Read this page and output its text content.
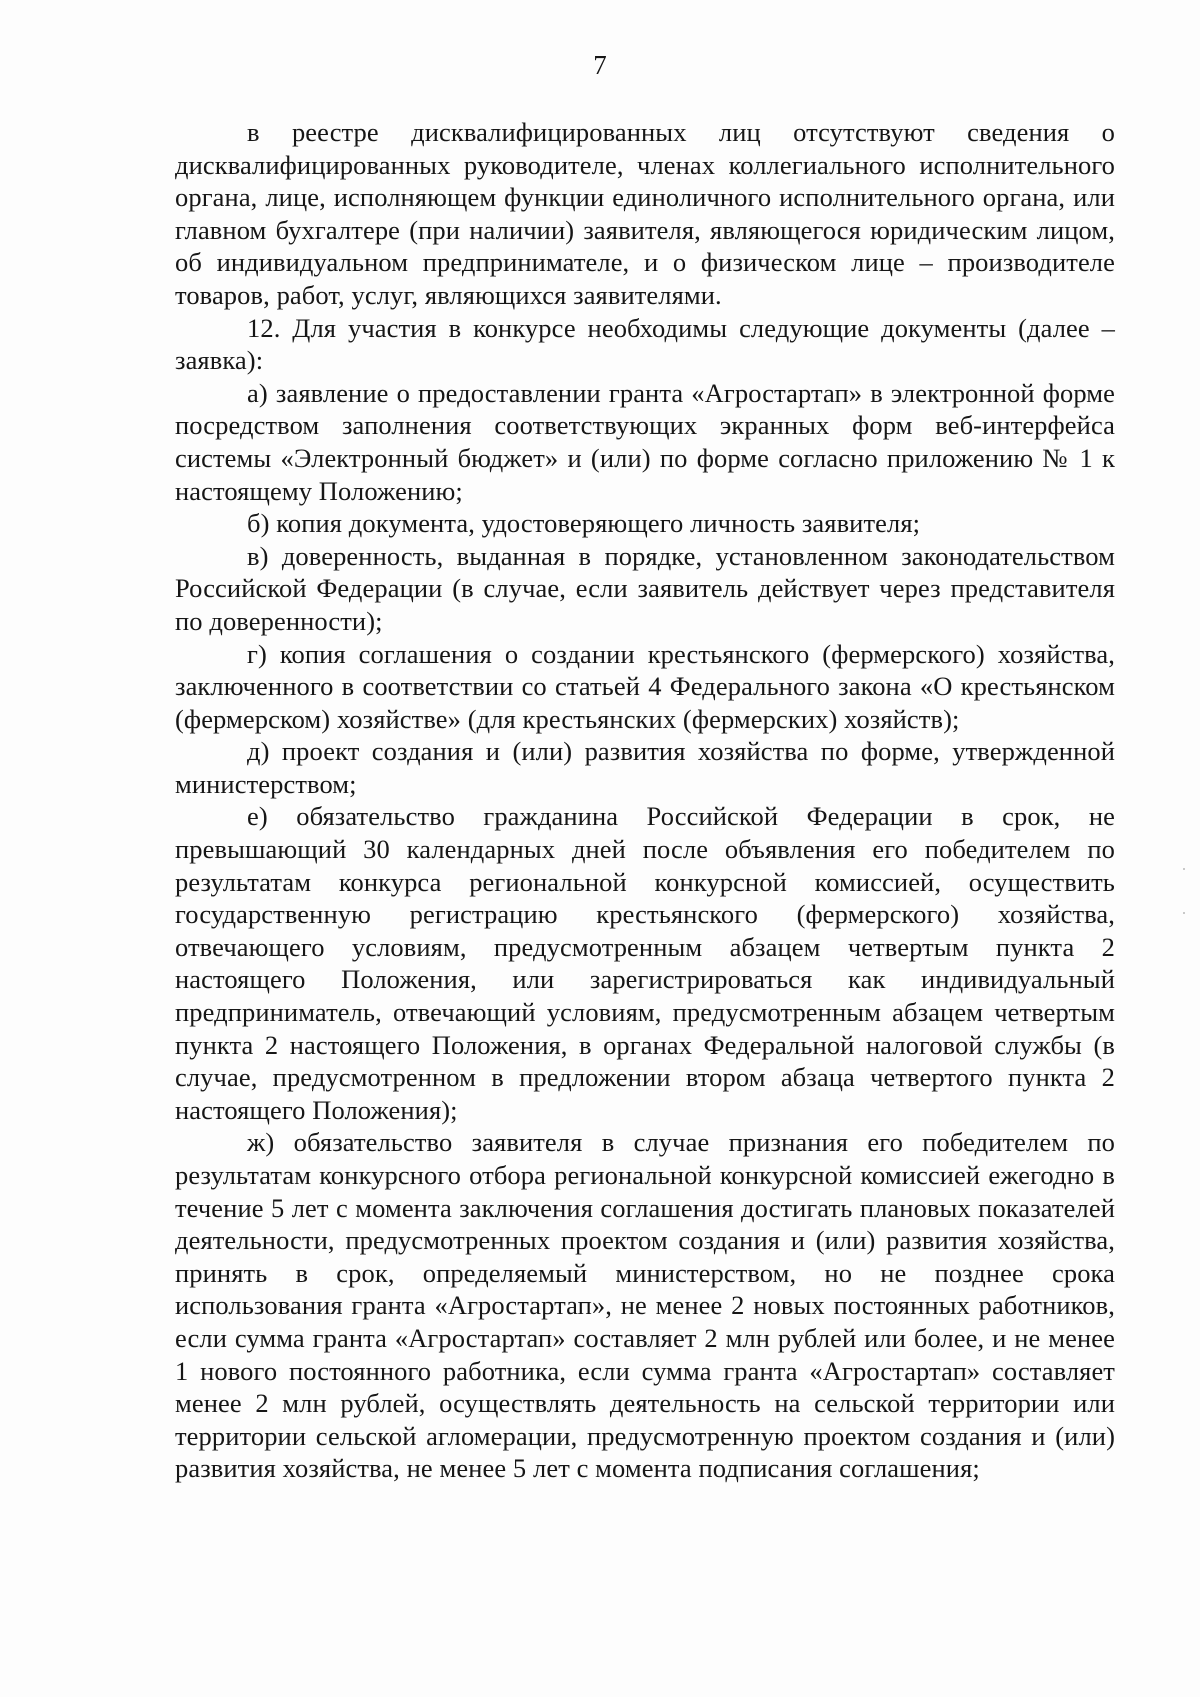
7

в реестре дисквалифицированных лиц отсутствуют сведения о дисквалифицированных руководителе, членах коллегиального исполнительного органа, лице, исполняющем функции единоличного исполнительного органа, или главном бухгалтере (при наличии) заявителя, являющегося юридическим лицом, об индивидуальном предпринимателе, и о физическом лице – производителе товаров, работ, услуг, являющихся заявителями.

12. Для участия в конкурсе необходимы следующие документы (далее – заявка):

а) заявление о предоставлении гранта «Агростартап» в электронной форме посредством заполнения соответствующих экранных форм веб-интерфейса системы «Электронный бюджет» и (или) по форме согласно приложению № 1 к настоящему Положению;

б) копия документа, удостоверяющего личность заявителя;

в) доверенность, выданная в порядке, установленном законодательством Российской Федерации (в случае, если заявитель действует через представителя по доверенности);

г) копия соглашения о создании крестьянского (фермерского) хозяйства, заключенного в соответствии со статьей 4 Федерального закона «О крестьянском (фермерском) хозяйстве» (для крестьянских (фермерских) хозяйств);

д) проект создания и (или) развития хозяйства по форме, утвержденной министерством;

е) обязательство гражданина Российской Федерации в срок, не превышающий 30 календарных дней после объявления его победителем по результатам конкурса региональной конкурсной комиссией, осуществить государственную регистрацию крестьянского (фермерского) хозяйства, отвечающего условиям, предусмотренным абзацем четвертым пункта 2 настоящего Положения, или зарегистрироваться как индивидуальный предприниматель, отвечающий условиям, предусмотренным абзацем четвертым пункта 2 настоящего Положения, в органах Федеральной налоговой службы (в случае, предусмотренном в предложении втором абзаца четвертого пункта 2 настоящего Положения);

ж) обязательство заявителя в случае признания его победителем по результатам конкурсного отбора региональной конкурсной комиссией ежегодно в течение 5 лет с момента заключения соглашения достигать плановых показателей деятельности, предусмотренных проектом создания и (или) развития хозяйства, принять в срок, определяемый министерством, но не позднее срока использования гранта «Агростартап», не менее 2 новых постоянных работников, если сумма гранта «Агростартап» составляет 2 млн рублей или более, и не менее 1 нового постоянного работника, если сумма гранта «Агростартап» составляет менее 2 млн рублей, осуществлять деятельность на сельской территории или территории сельской агломерации, предусмотренную проектом создания и (или) развития хозяйства, не менее 5 лет с момента подписания соглашения;
